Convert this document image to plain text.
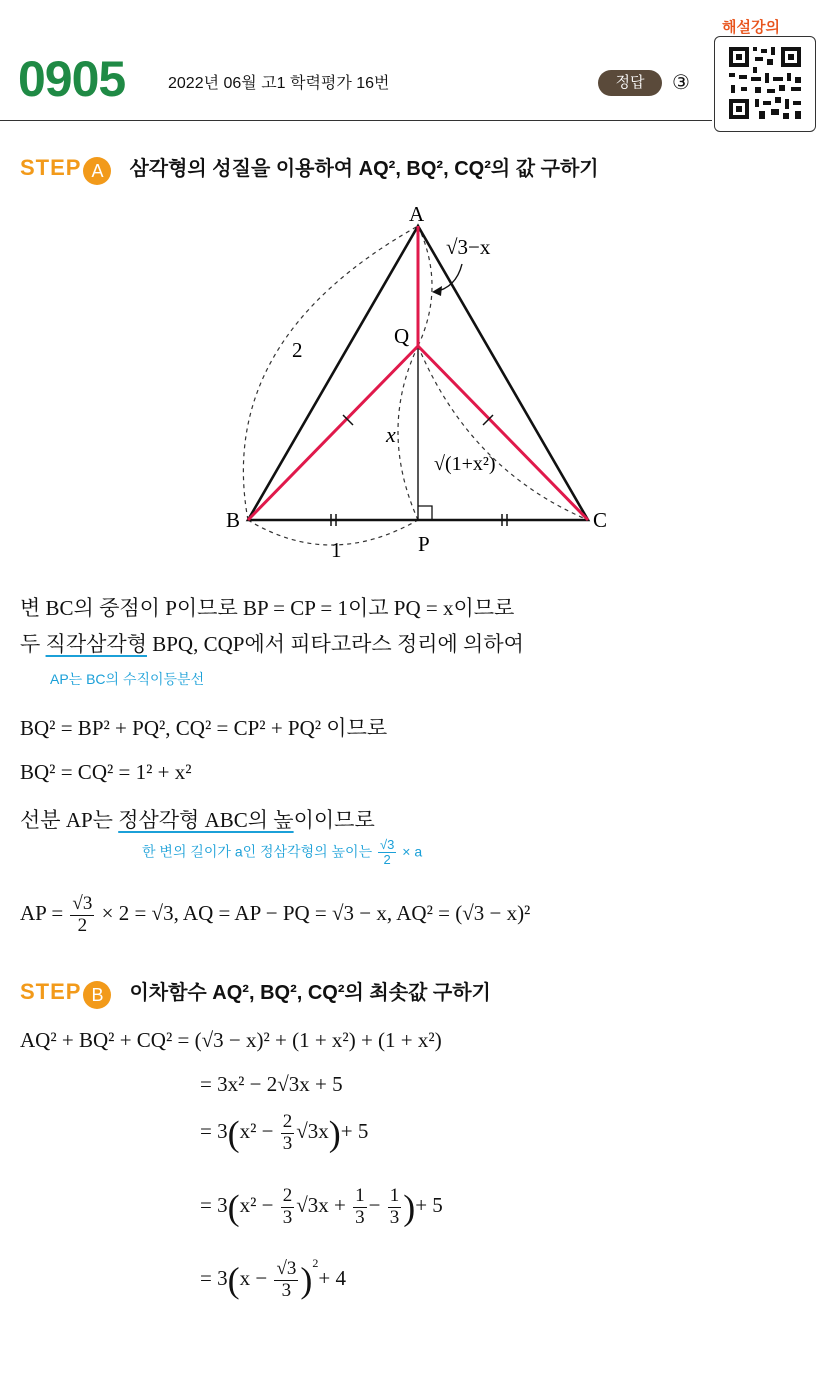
0905	2022년 06월 고1 학력평가 16번	정답	③
해설강의
STEP A 삼각형의 성질을 이용하여 AQ², BQ², CQ²의 값 구하기
A
B	C
P
Q
2
1
x
√3−x
√(1+x²)
변 BC의 중점이 P이므로 BP = CP = 1이고 PQ = x이므로
두 직각삼각형 BPQ, CQP에서 피타고라스 정리에 의하여
AP는 BC의 수직이등분선
BQ² = BP² + PQ², CQ² = CP² + PQ² 이므로
BQ² = CQ² = 1² + x²
선분 AP는 정삼각형 ABC의 높이이므로
한 변의 길이가 a인 정삼각형의 높이는 $\frac{√3}{2} \times a$
AP = $\frac{√3}{2} \times 2 = √3$, AQ = AP − PQ = √3 − x, AQ² = (√3 − x)²
STEP B 이차함수 AQ², BQ², CQ²의 최솟값 구하기
AQ² + BQ² + CQ² = (√3 − x)² + (1 + x²) + (1 + x²)
= 3x² − 2√3x + 5
= $3(x^2 - \frac{2}{3} √3x)+ 5$
= $3(x^2 - \frac{2}{3} √3x + \frac{1}{3} - \frac{1}{3}$ )+ 5
= $3(x - \frac{√3}{3} )^2+ 4$
